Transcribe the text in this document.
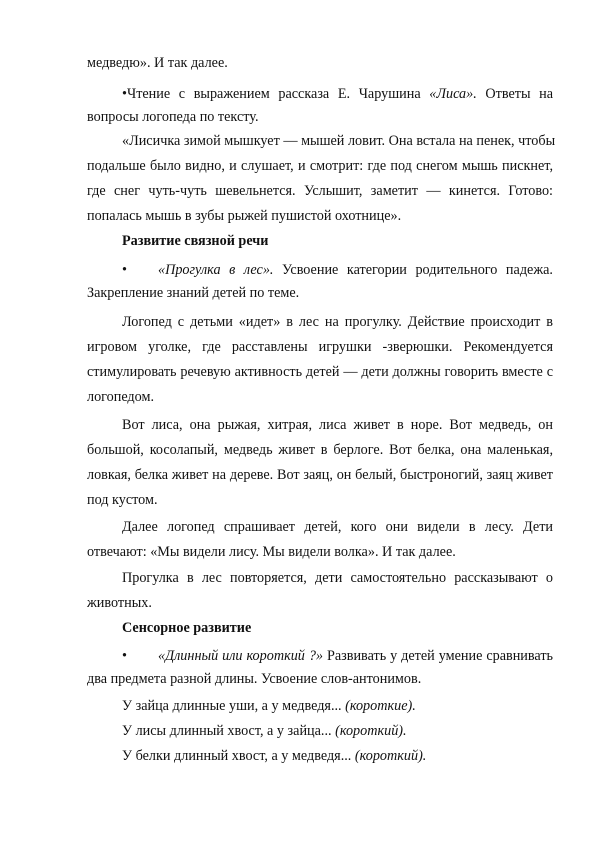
медведю». И так далее.
•Чтение с выражением рассказа Е. Чарушина «Лиса». Ответы на
вопросы логопеда по тексту.
«Лисичка зимой мышкует — мышей ловит. Она встала на пенек, чтобы
подальше было видно, и слушает, и смотрит: где под снегом мышь пискнет,
где снег чуть-чуть шевельнется. Услышит, заметит — кинется. Готово:
попалась мышь в зубы рыжей пушистой охотнице».
Развитие связной речи
• «Прогулка в лес». Усвоение категории родительного падежа.
Закрепление знаний детей по теме.
Логопед с детьми «идет» в лес на прогулку. Действие происходит в
игровом уголке, где расставлены игрушки -зверюшки. Рекомендуется
стимулировать речевую активность детей — дети должны говорить вместе с
логопедом.
Вот лиса, она рыжая, хитрая, лиса живет в норе. Вот медведь, он
большой, косолапый, медведь живет в берлоге. Вот белка, она маленькая,
ловкая, белка живет на дереве. Вот заяц, он белый, быстроногий, заяц живет
под кустом.
Далее логопед спрашивает детей, кого они видели в лесу. Дети
отвечают: «Мы видели лису. Мы видели волка». И так далее.
Прогулка в лес повторяется, дети самостоятельно рассказывают о
животных.
Сенсорное развитие
• «Длинный или короткий ?» Развивать у детей умение сравнивать
два предмета разной длины. Усвоение слов-антонимов.
У зайца длинные уши, а у медведя... (короткие).
У лисы длинный хвост, а у зайца... (короткий).
У белки длинный хвост, а у медведя... (короткий).
